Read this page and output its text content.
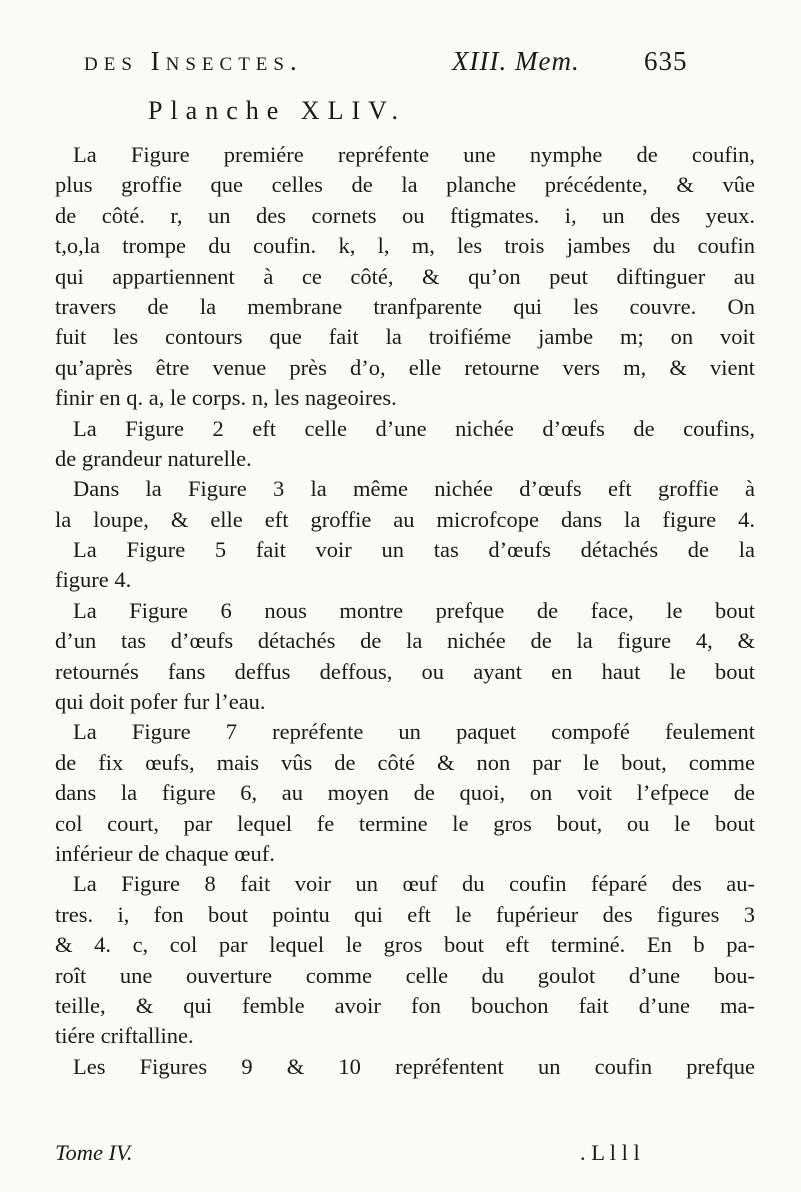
des Insectes.	XIII. Mem. 635
Planche XLIV.
La Figure premiére repréfente une nymphe de coufin,
plus groffie que celles de la planche précédente, & vûe
de côté. r, un des cornets ou ftigmates. i, un des yeux.
t,o,la trompe du coufin. k, l, m, les trois jambes du coufin
qui appartiennent à ce côté, & qu’on peut diftinguer au
travers de la membrane tranfparente qui les couvre. On
fuit les contours que fait la troifiéme jambe m; on voit
qu’après être venue près d’o, elle retourne vers m, & vient
finir en q. a, le corps. n, les nageoires.
La Figure 2 eft celle d’une nichée d’œufs de coufins,
de grandeur naturelle.
Dans la Figure 3 la même nichée d’œufs eft groffie à
la loupe, & elle eft groffie au microfcope dans la figure 4.
La Figure 5 fait voir un tas d’œufs détachés de la
figure 4.
La Figure 6 nous montre prefque de face, le bout
d’un tas d’œufs détachés de la nichée de la figure 4, &
retournés fans deffus deffous, ou ayant en haut le bout
qui doit pofer fur l’eau.
La Figure 7 repréfente un paquet compofé feulement
de fix œufs, mais vûs de côté & non par le bout, comme
dans la figure 6, au moyen de quoi, on voit l’efpece de
col court, par lequel fe termine le gros bout, ou le bout
inférieur de chaque œuf.
La Figure 8 fait voir un œuf du coufin féparé des au-
tres. i, fon bout pointu qui eft le fupérieur des figures 3
& 4. c, col par lequel le gros bout eft terminé. En b pa-
roît une ouverture comme celle du goulot d’une bou-
teille, & qui femble avoir fon bouchon fait d’une ma-
tiére criftalline.
Les Figures 9 & 10 repréfentent un coufin prefque
Tome IV.	. L l l l
